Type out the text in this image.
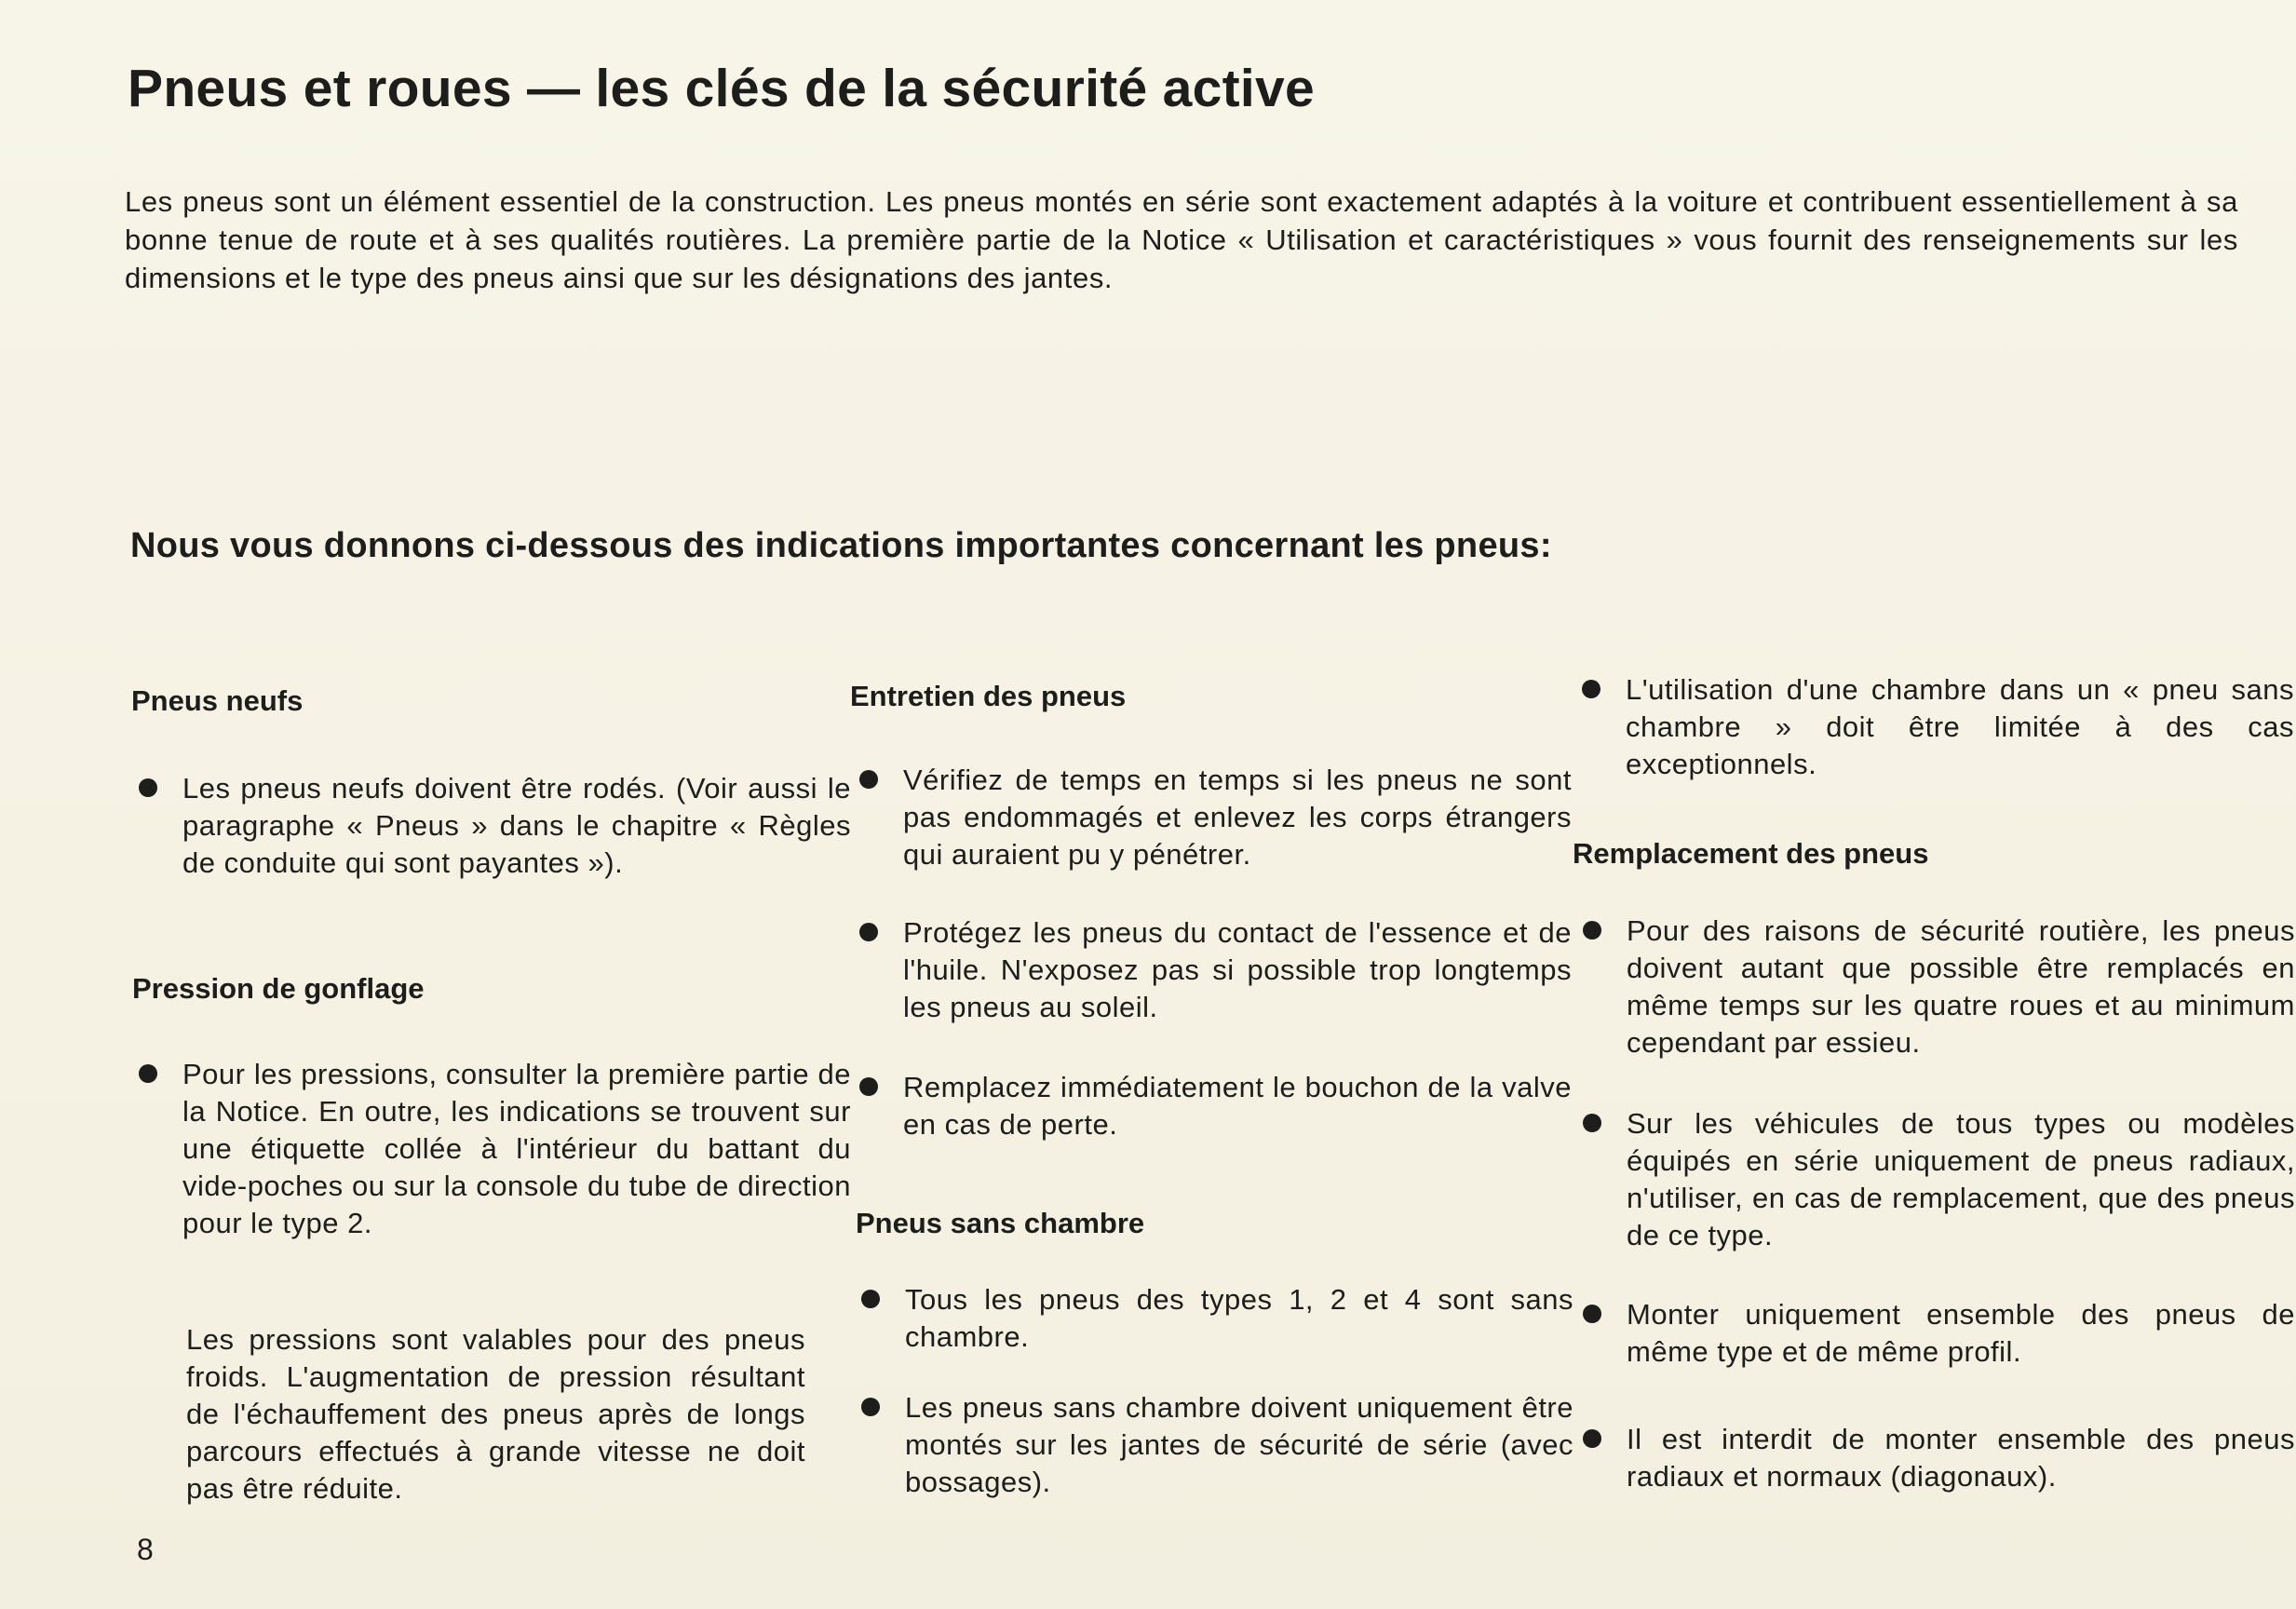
Pneus et roues — les clés de la sécurité active

Les pneus sont un élément essentiel de la construction. Les pneus montés en série sont exactement adaptés à la voiture et contribuent essentiellement à sa bonne tenue de route et à ses qualités routières. La première partie de la Notice « Utilisation et caractéristiques » vous fournit des renseignements sur les dimensions et le type des pneus ainsi que sur les désignations des jantes.

Nous vous donnons ci-dessous des indications importantes concernant les pneus:
Pneus neufs
Les pneus neufs doivent être rodés. (Voir aussi le paragraphe « Pneus » dans le chapitre « Règles de conduite qui sont payantes »).
Pression de gonflage
Pour les pressions, consulter la première partie de la Notice. En outre, les indications se trouvent sur une étiquette collée à l'intérieur du battant du vide-poches ou sur la console du tube de direction pour le type 2.

Les pressions sont valables pour des pneus froids. L'augmentation de pression résultant de l'échauffement des pneus après de longs parcours effectués à grande vitesse ne doit pas être réduite.

Entretien des pneus
Vérifiez de temps en temps si les pneus ne sont pas endommagés et enlevez les corps étrangers qui auraient pu y pénétrer.
Protégez les pneus du contact de l'essence et de l'huile. N'exposez pas si possible trop longtemps les pneus au soleil.
Remplacez immédiatement le bouchon de la valve en cas de perte.
Pneus sans chambre
Tous les pneus des types 1, 2 et 4 sont sans chambre.
Les pneus sans chambre doivent uniquement être montés sur les jantes de sécurité de série (avec bossages).
L'utilisation d'une chambre dans un « pneu sans chambre » doit être limitée à des cas exceptionnels.
Remplacement des pneus
Pour des raisons de sécurité routière, les pneus doivent autant que possible être remplacés en même temps sur les quatre roues et au minimum cependant par essieu.
Sur les véhicules de tous types ou modèles équipés en série uniquement de pneus radiaux, n'utiliser, en cas de remplacement, que des pneus de ce type.
Monter uniquement ensemble des pneus de même type et de même profil.
Il est interdit de monter ensemble des pneus radiaux et normaux (diagonaux).

8
